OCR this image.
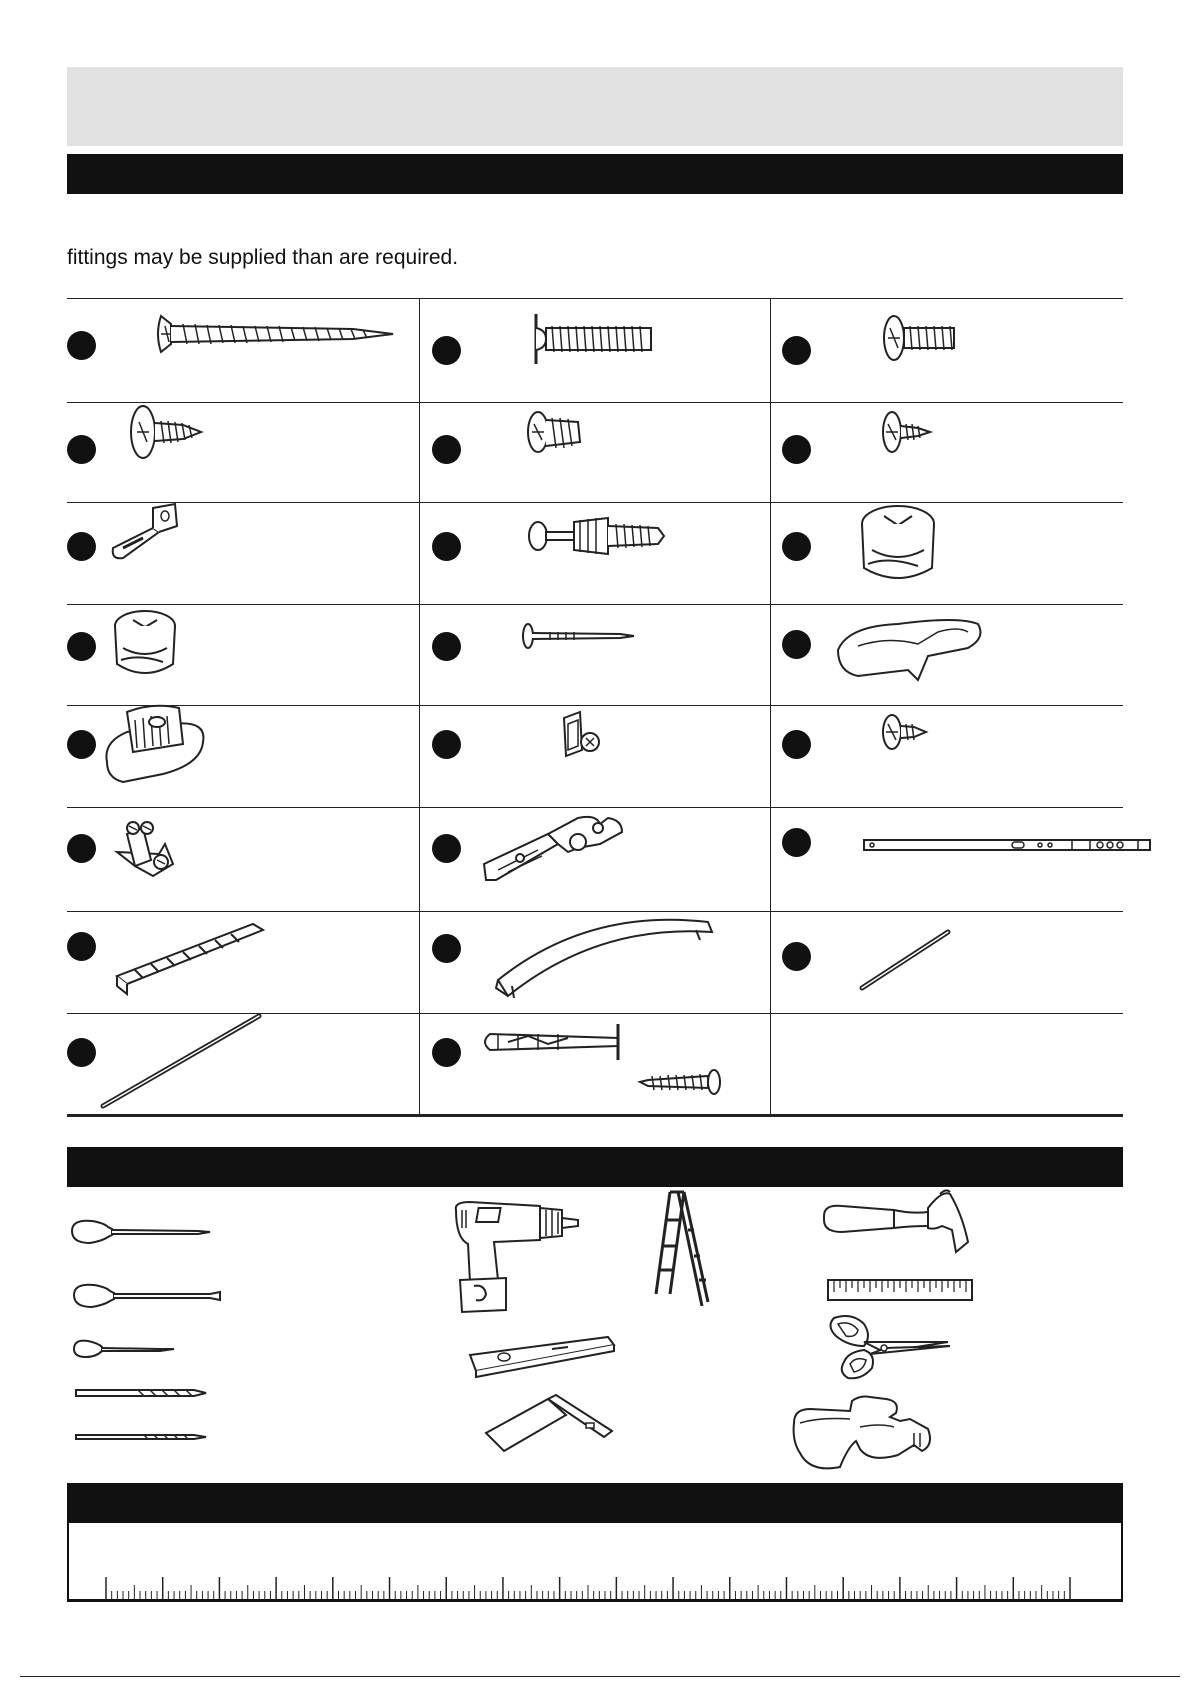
fittings may be supplied than are required.
